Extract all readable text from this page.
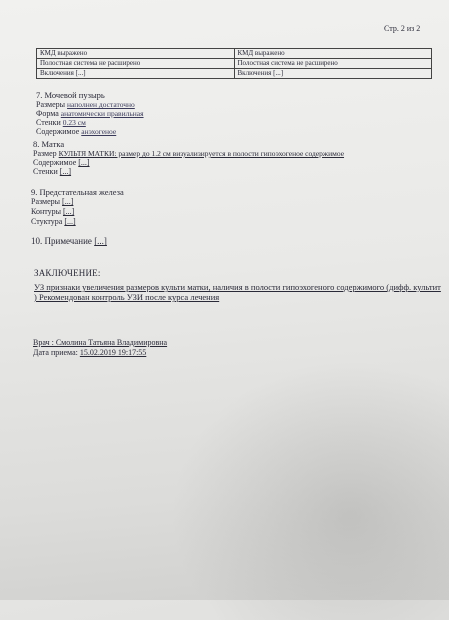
Стр. 2 из 2
КМД выражено	КМД выражено
Полостная система не расширено	Полостная система не расширено
Включения [...]	Включения [...]
7. Мочевой пузырь
Размеры наполнен достаточно
Форма анатомически правильная
Стенки 0.23 см
Содержимое анэхогеное
8. Матка
Размер КУЛЬТЯ МАТКИ: размер до 1.2 см визуализируется в полости гипоэхогеное содержимое
Содержимое [...]
Стенки [...]
9. Предстательная железа
Размеры [...]
Контуры [...]
Стуктура [...]
10. Примечание [...]
ЗАКЛЮЧЕНИЕ:
УЗ признаки увеличения размеров культи матки, наличия в полости гипоэхогеного содержимого (дифф. культит ) Рекомендован контроль УЗИ после курса лечения
Врач : Смолина Татьяна Владимировна
Дата приема: 15.02.2019 19:17:55
